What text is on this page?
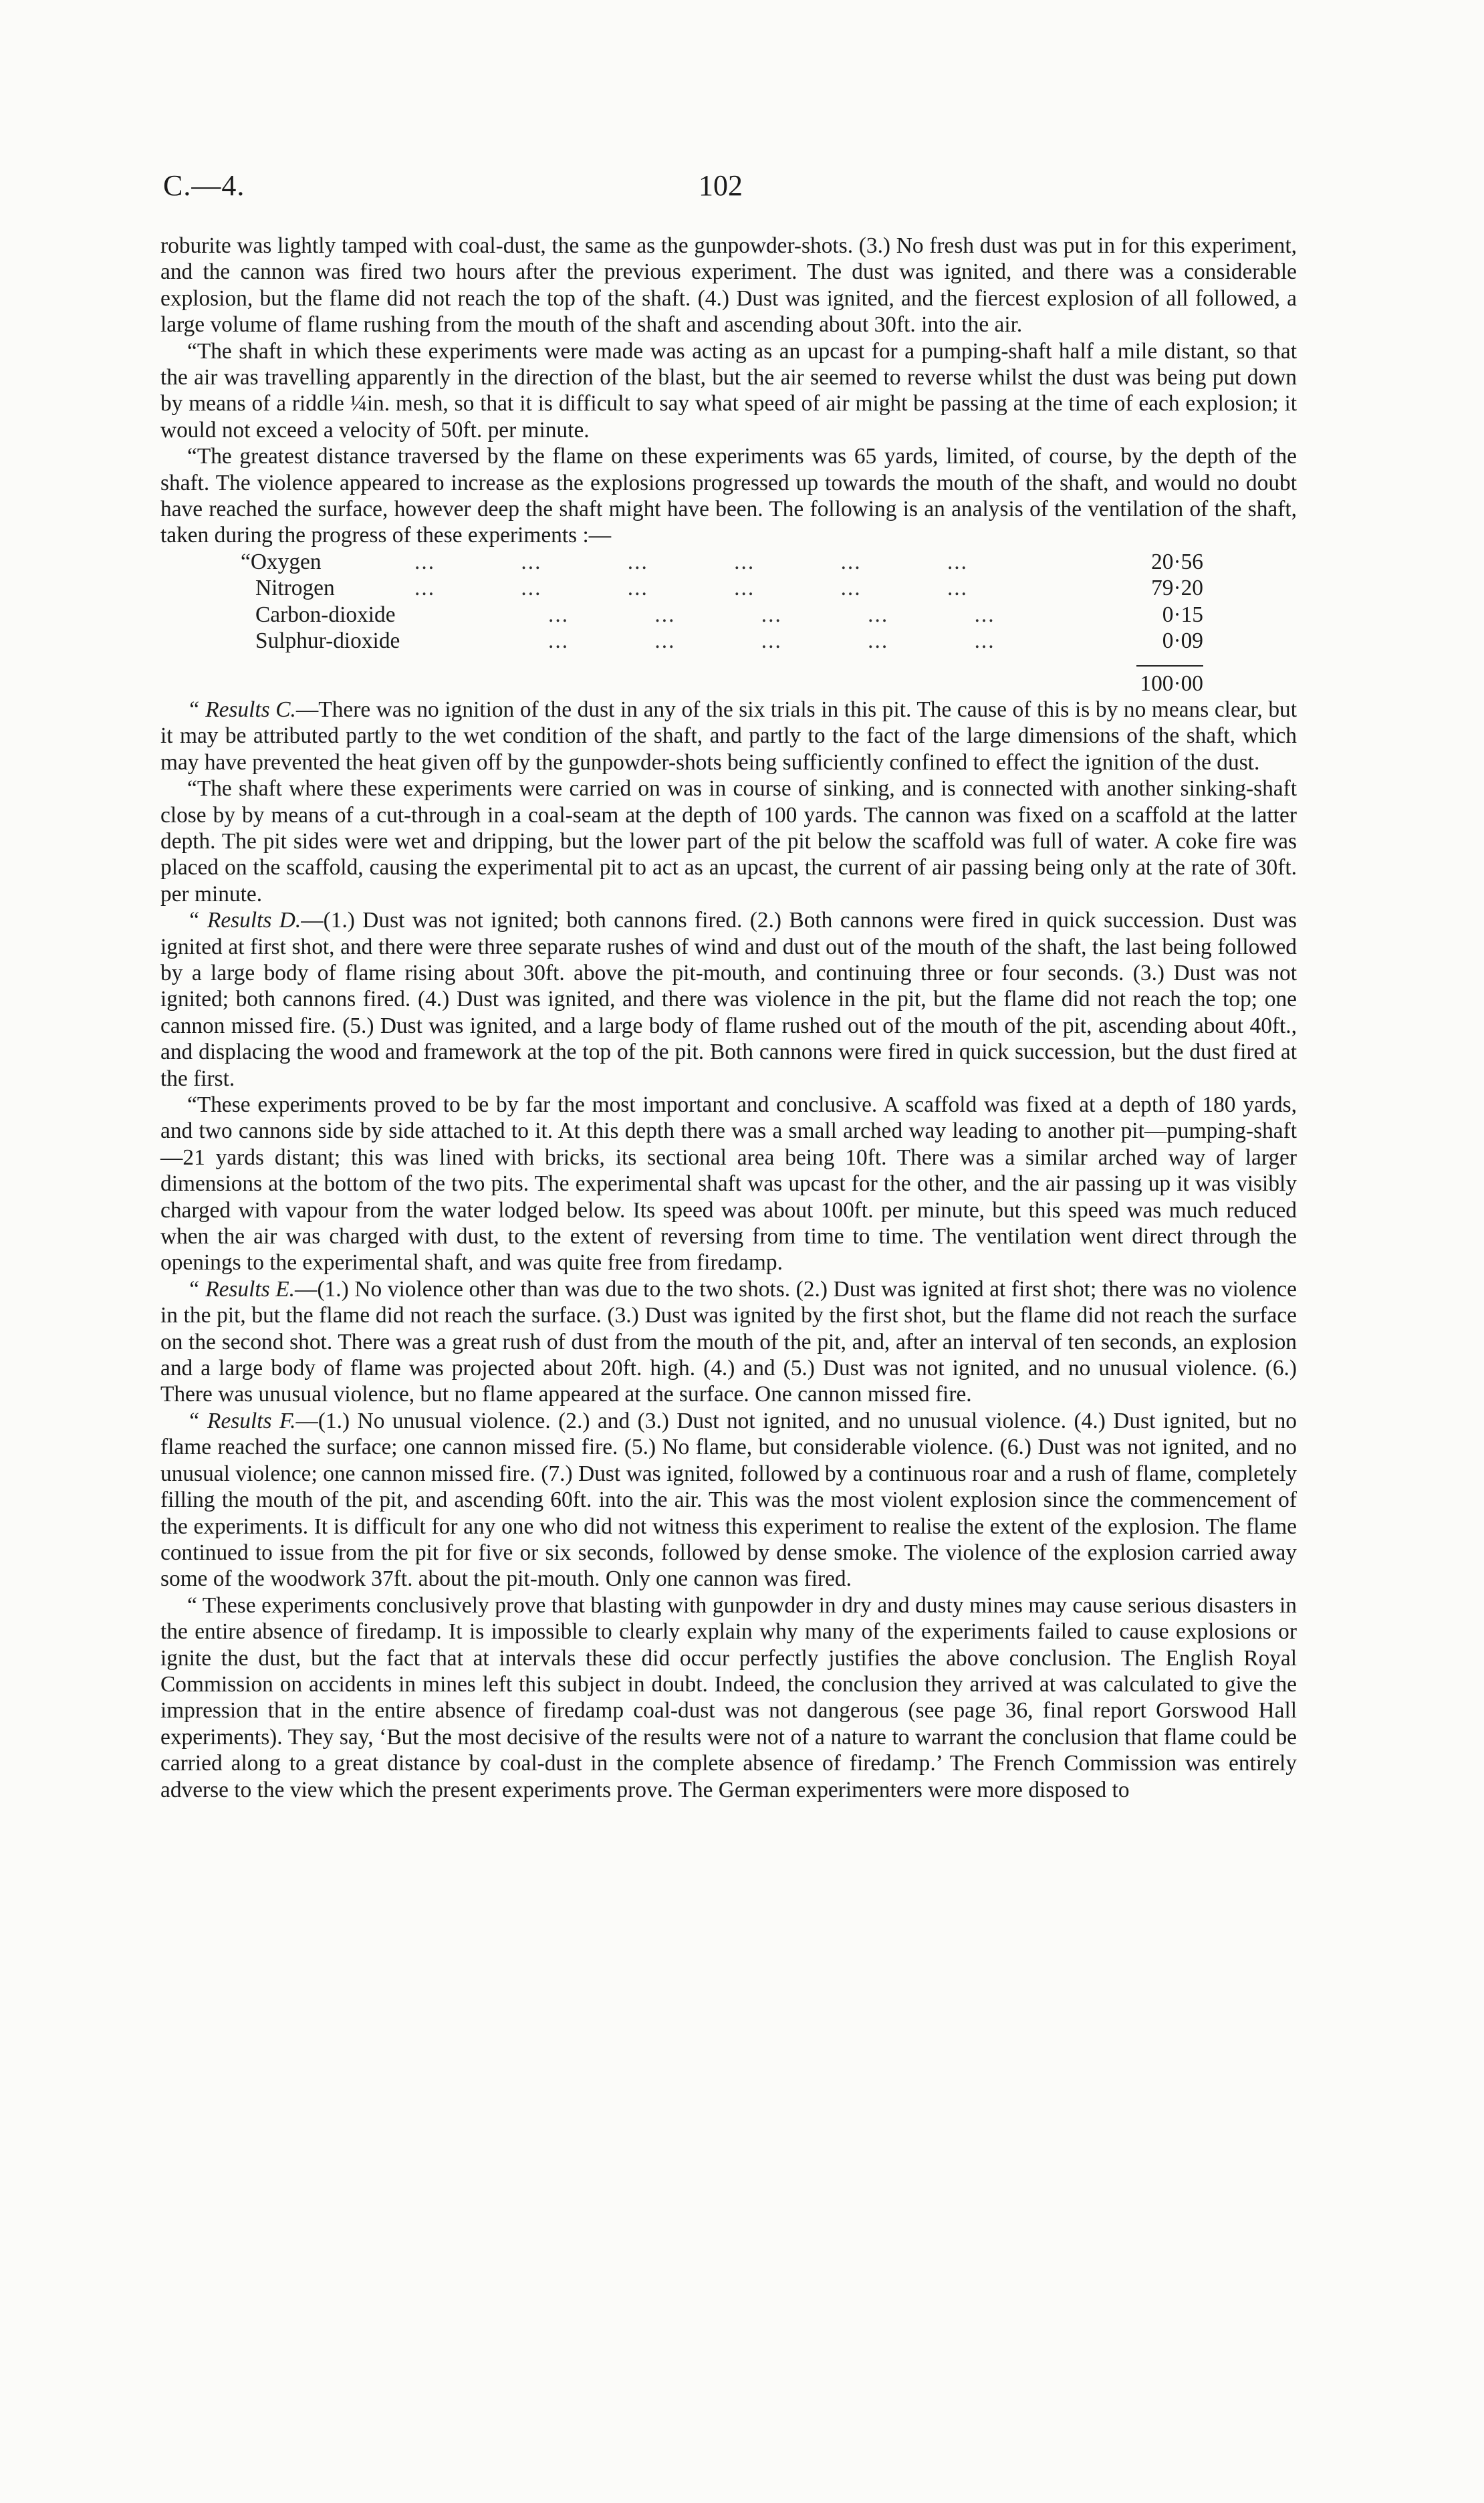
C.—4.	102

roburite was lightly tamped with coal-dust, the same as the gunpowder-shots. (3.) No fresh dust was put in for this experiment, and the cannon was fired two hours after the previous experiment. The dust was ignited, and there was a considerable explosion, but the flame did not reach the top of the shaft. (4.) Dust was ignited, and the fiercest explosion of all followed, a large volume of flame rushing from the mouth of the shaft and ascending about 30ft. into the air.

“The shaft in which these experiments were made was acting as an upcast for a pumping-shaft half a mile distant, so that the air was travelling apparently in the direction of the blast, but the air seemed to reverse whilst the dust was being put down by means of a riddle ¼in. mesh, so that it is difficult to say what speed of air might be passing at the time of each explosion; it would not exceed a velocity of 50ft. per minute.

“The greatest distance traversed by the flame on these experiments was 65 yards, limited, of course, by the depth of the shaft. The violence appeared to increase as the explosions progressed up towards the mouth of the shaft, and would no doubt have reached the surface, however deep the shaft might have been. The following is an analysis of the ventilation of the shaft, taken during the progress of these experiments :—

“Oxygen	... ... ... ... ... ...	20·56
Nitrogen	... ... ... ... ... ...	79·20
Carbon-dioxide	... ... ... ... ...	0·15
Sulphur-dioxide	... ... ... ... ...	0·09
100·00

“ Results C.—There was no ignition of the dust in any of the six trials in this pit. The cause of this is by no means clear, but it may be attributed partly to the wet condition of the shaft, and partly to the fact of the large dimensions of the shaft, which may have prevented the heat given off by the gunpowder-shots being sufficiently confined to effect the ignition of the dust.

“The shaft where these experiments were carried on was in course of sinking, and is connected with another sinking-shaft close by by means of a cut-through in a coal-seam at the depth of 100 yards. The cannon was fixed on a scaffold at the latter depth. The pit sides were wet and dripping, but the lower part of the pit below the scaffold was full of water. A coke fire was placed on the scaffold, causing the experimental pit to act as an upcast, the current of air passing being only at the rate of 30ft. per minute.

“ Results D.—(1.) Dust was not ignited; both cannons fired. (2.) Both cannons were fired in quick succession. Dust was ignited at first shot, and there were three separate rushes of wind and dust out of the mouth of the shaft, the last being followed by a large body of flame rising about 30ft. above the pit-mouth, and continuing three or four seconds. (3.) Dust was not ignited; both cannons fired. (4.) Dust was ignited, and there was violence in the pit, but the flame did not reach the top; one cannon missed fire. (5.) Dust was ignited, and a large body of flame rushed out of the mouth of the pit, ascending about 40ft., and displacing the wood and framework at the top of the pit. Both cannons were fired in quick succession, but the dust fired at the first.

“These experiments proved to be by far the most important and conclusive. A scaffold was fixed at a depth of 180 yards, and two cannons side by side attached to it. At this depth there was a small arched way leading to another pit—pumping-shaft—21 yards distant; this was lined with bricks, its sectional area being 10ft. There was a similar arched way of larger dimensions at the bottom of the two pits. The experimental shaft was upcast for the other, and the air passing up it was visibly charged with vapour from the water lodged below. Its speed was about 100ft. per minute, but this speed was much reduced when the air was charged with dust, to the extent of reversing from time to time. The ventilation went direct through the openings to the experimental shaft, and was quite free from firedamp.

“ Results E.—(1.) No violence other than was due to the two shots. (2.) Dust was ignited at first shot; there was no violence in the pit, but the flame did not reach the surface. (3.) Dust was ignited by the first shot, but the flame did not reach the surface on the second shot. There was a great rush of dust from the mouth of the pit, and, after an interval of ten seconds, an explosion and a large body of flame was projected about 20ft. high. (4.) and (5.) Dust was not ignited, and no unusual violence. (6.) There was unusual violence, but no flame appeared at the surface. One cannon missed fire.

“ Results F.—(1.) No unusual violence. (2.) and (3.) Dust not ignited, and no unusual violence. (4.) Dust ignited, but no flame reached the surface; one cannon missed fire. (5.) No flame, but considerable violence. (6.) Dust was not ignited, and no unusual violence; one cannon missed fire. (7.) Dust was ignited, followed by a continuous roar and a rush of flame, completely filling the mouth of the pit, and ascending 60ft. into the air. This was the most violent explosion since the commencement of the experiments. It is difficult for any one who did not witness this experiment to realise the extent of the explosion. The flame continued to issue from the pit for five or six seconds, followed by dense smoke. The violence of the explosion carried away some of the woodwork 37ft. about the pit-mouth. Only one cannon was fired.

“ These experiments conclusively prove that blasting with gunpowder in dry and dusty mines may cause serious disasters in the entire absence of firedamp. It is impossible to clearly explain why many of the experiments failed to cause explosions or ignite the dust, but the fact that at intervals these did occur perfectly justifies the above conclusion. The English Royal Commission on accidents in mines left this subject in doubt. Indeed, the conclusion they arrived at was calculated to give the impression that in the entire absence of firedamp coal-dust was not dangerous (see page 36, final report Gorswood Hall experiments). They say, ‘But the most decisive of the results were not of a nature to warrant the conclusion that flame could be carried along to a great distance by coal-dust in the complete absence of firedamp.’ The French Commission was entirely adverse to the view which the present experiments prove. The German experimenters were more disposed to
